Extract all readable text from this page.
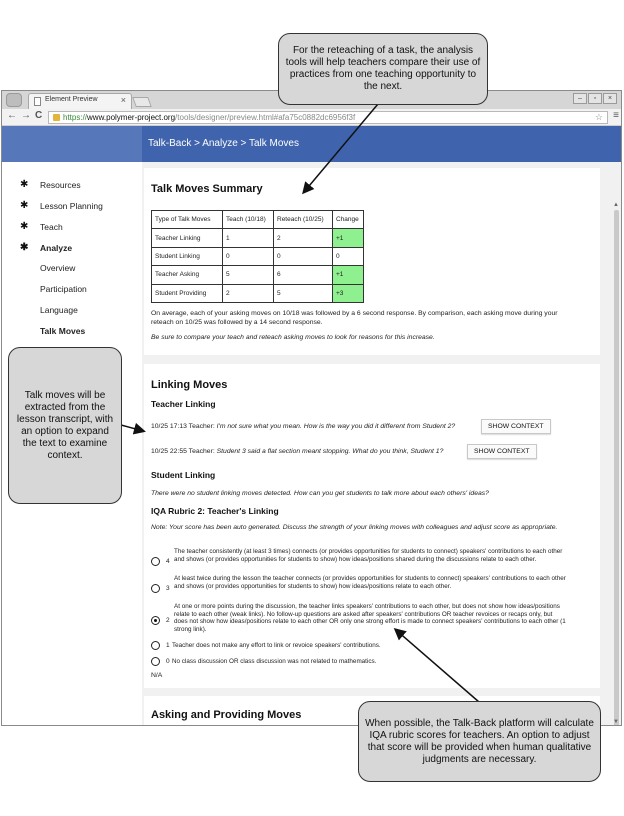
Element Preview	×	–	▫	×
← → C	https://www.polymer-project.org/tools/designer/preview.html#afa75c0882dc6956f3f	☆ ≡
Talk-Back > Analyze > Talk Moves
✱ Resources
✱ Lesson Planning
✱ Teach
✱ Analyze
Overview
Participation
Language
Talk Moves
Talk Moves Summary
Type of Talk Moves	Teach (10/18)	Reteach (10/25)	Change
Teacher Linking	1	2	+1
Student Linking	0	0	0
Teacher Asking	5	6	+1
Student Providing	2	5	+3
On average, each of your asking moves on 10/18 was followed by a 6 second response. By comparison, each asking move during your reteach on 10/25 was followed by a 14 second response.
Be sure to compare your teach and reteach asking moves to look for reasons for this increase.
Linking Moves
Teacher Linking
10/25 17:13 Teacher: I'm not sure what you mean. How is the way you did it different from Student 2?	SHOW CONTEXT
10/25 22:55 Teacher: Student 3 said a flat section meant stopping. What do you think, Student 1?	SHOW CONTEXT
Student Linking
There were no student linking moves detected. How can you get students to talk more about each others' ideas?
IQA Rubric 2: Teacher's Linking
Note: Your score has been auto generated. Discuss the strength of your linking moves with colleagues and adjust score as appropriate.
4
The teacher consistently (at least 3 times) connects (or provides opportunities for students to connect) speakers' contributions to each other and shows (or provides opportunities for students to show) how ideas/positions shared during the discussions relate to each other.
3
At least twice during the lesson the teacher connects (or provides opportunities for students to connect) speakers' contributions to each other and shows (or provides opportunities for students to show) how ideas/positions relate to each other.
2
At one or more points during the discussion, the teacher links speakers' contributions to each other, but does not show how ideas/positions relate to each other (weak links). No follow-up questions are asked after speakers' contributions OR teacher revoices or recaps only, but does not show how ideas/positions relate to each other OR only one strong effort is made to connect speakers' contributions to each other (1 strong link).
1 Teacher does not make any effort to link or revoice speakers' contributions.
0 No class discussion OR class discussion was not related to mathematics.
N/A
Asking and Providing Moves
▲
▼
For the reteaching of a task, the analysis tools will help teachers compare their use of practices from one teaching opportunity to the next.
Talk moves will be extracted from the lesson transcript, with an option to expand the text to examine context.
When possible, the Talk-Back platform will calculate IQA rubric scores for teachers. An option to adjust that score will be provided when human qualitative judgments are necessary.
